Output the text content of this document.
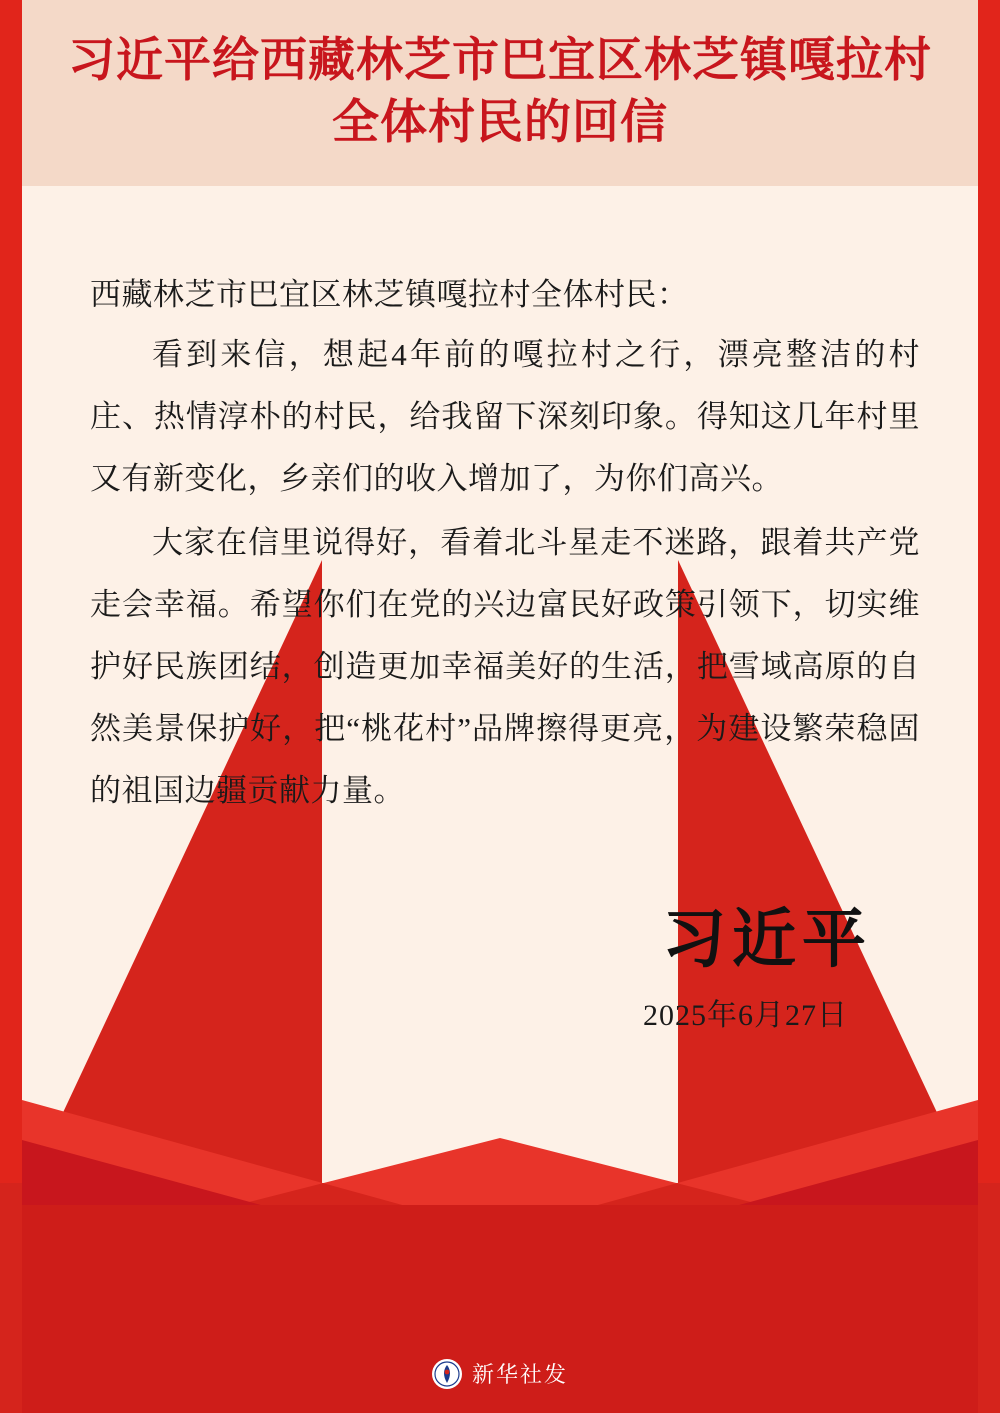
习近平给西藏林芝市巴宜区林芝镇嘎拉村
全体村民的回信
西藏林芝市巴宜区林芝镇嘎拉村全体村民：
看到来信，想起4年前的嘎拉村之行，漂亮整洁的村庄、热情淳朴的村民，给我留下深刻印象。得知这几年村里又有新变化，乡亲们的收入增加了，为你们高兴。
大家在信里说得好，看着北斗星走不迷路，跟着共产党走会幸福。希望你们在党的兴边富民好政策引领下，切实维护好民族团结，创造更加幸福美好的生活，把雪域高原的自然美景保护好，把“桃花村”品牌擦得更亮，为建设繁荣稳固的祖国边疆贡献力量。
习近平
2025年6月27日
新华社发
